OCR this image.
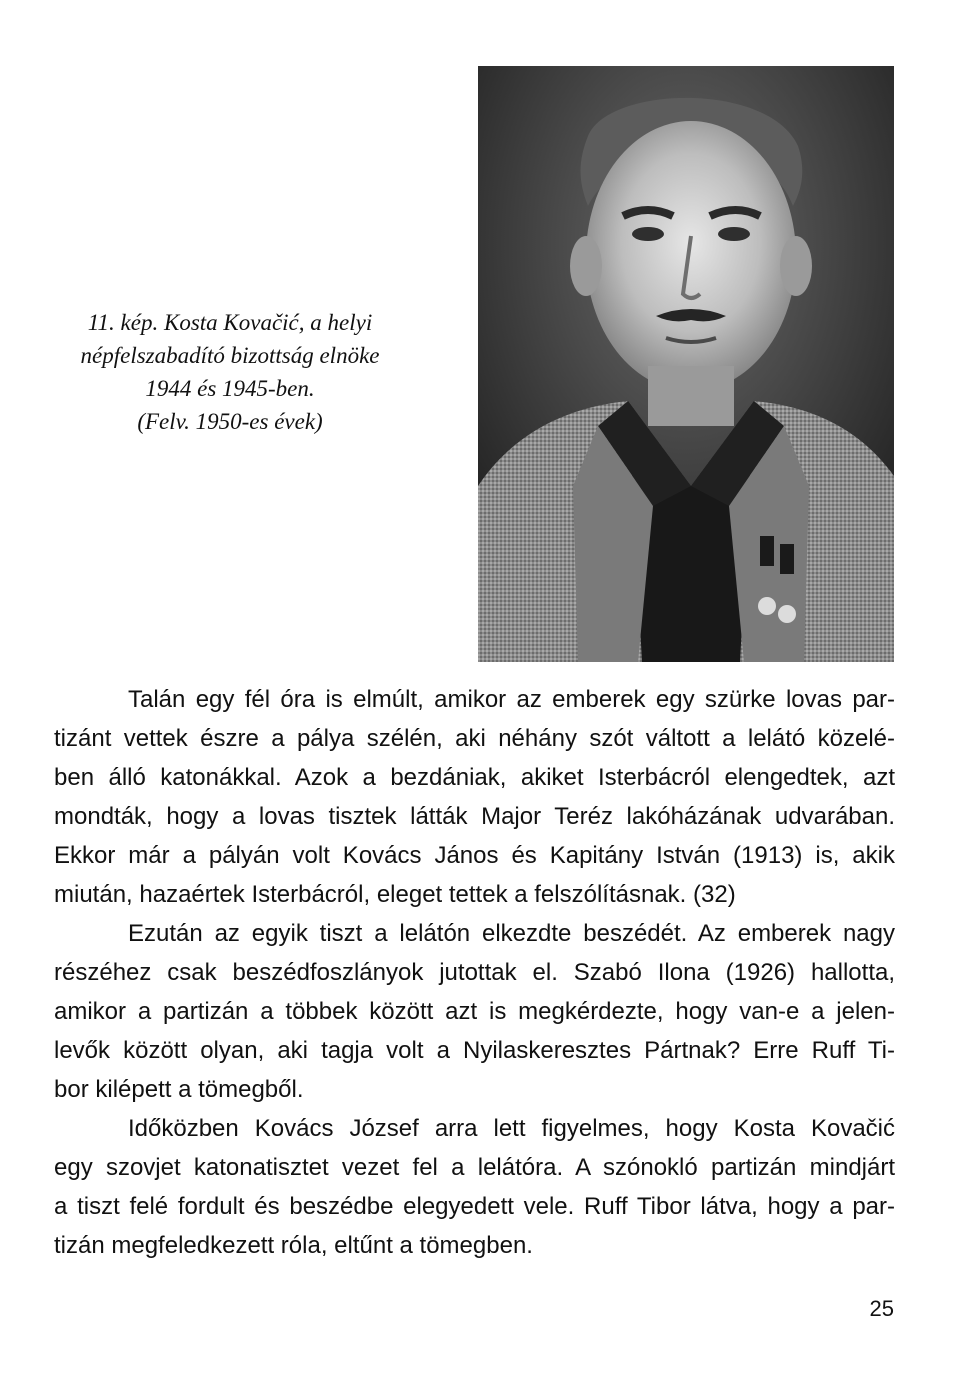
11. kép. Kosta Kovačić, a helyi
népfelszabadító bizottság elnöke
1944 és 1945-ben.
(Felv. 1950-es évek)
Talán egy fél óra is elmúlt, amikor az emberek egy szürke lovas par-
tizánt vettek észre a pálya szélén, aki néhány szót váltott a lelátó közelé-
ben álló katonákkal. Azok a bezdániak, akiket Isterbácról elengedtek, azt
mondták, hogy a lovas tisztek látták Major Teréz lakóházának udvarában.
Ekkor már a pályán volt Kovács János és Kapitány István (1913) is, akik
miután, hazaértek Isterbácról, eleget tettek a felszólításnak. (32)
Ezután az egyik tiszt a lelátón elkezdte beszédét. Az emberek nagy
részéhez csak beszédfoszlányok jutottak el. Szabó Ilona (1926) hallotta,
amikor a partizán a többek között azt is megkérdezte, hogy van-e a jelen-
levők között olyan, aki tagja volt a Nyilaskeresztes Pártnak? Erre Ruff Ti-
bor kilépett a tömegből.
Időközben Kovács József arra lett figyelmes, hogy Kosta Kovačić
egy szovjet katonatisztet vezet fel a lelátóra. A szónokló partizán mindjárt
a tiszt felé fordult és beszédbe elegyedett vele. Ruff Tibor látva, hogy a par-
tizán megfeledkezett róla, eltűnt a tömegben.
25
